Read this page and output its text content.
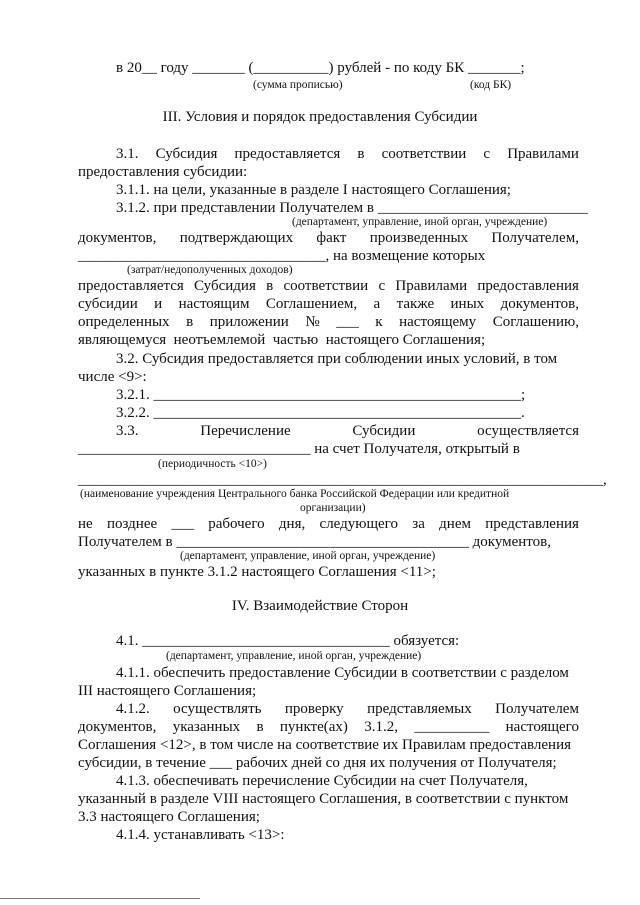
в 20__ году _______ (__________) рублей - по коду БК _______;
(сумма прописью)	(код БК)
III. Условия и порядок предоставления Субсидии
3.1. Субсидия предоставляется в соответствии с Правилами
предоставления субсидии:
3.1.1. на цели, указанные в разделе I настоящего Соглашения;
3.1.2. при представлении Получателем в ____________________________
(департамент, управление, иной орган, учреждение)
документов, подтверждающих факт произведенных Получателем,
_________________________________, на возмещение которых
(затрат/недополученных доходов)
предоставляется Субсидия в соответствии с Правилами предоставления
субсидии и настоящим Соглашением, а также иных документов,
определенных в приложении № ___ к настоящему Соглашению,
являющемуся  неотъемлемой  частью  настоящего Соглашения;
3.2. Субсидия предоставляется при соблюдении иных условий, в том
числе <9>:
3.2.1. _________________________________________________;
3.2.2. _________________________________________________.
3.3.	Перечисление	Субсидии	осуществляется
_______________________________ на счет Получателя, открытый в
(периодичность <10>)
______________________________________________________________________,
(наименование учреждения Центрального банка Российской Федерации или кредитной
организации)
не позднее ___ рабочего дня, следующего за днем представления
Получателем в _______________________________________ документов,
(департамент, управление, иной орган, учреждение)
указанных в пункте 3.1.2 настоящего Соглашения <11>;
IV. Взаимодействие Сторон
4.1. _________________________________ обязуется:
(департамент, управление, иной орган, учреждение)
4.1.1. обеспечить предоставление Субсидии в соответствии с разделом
III настоящего Соглашения;
4.1.2. осуществлять проверку представляемых Получателем
документов, указанных в пункте(ах) 3.1.2, __________ настоящего
Соглашения <12>, в том числе на соответствие их Правилам предоставления
субсидии, в течение ___ рабочих дней со дня их получения от Получателя;
4.1.3. обеспечивать перечисление Субсидии на счет Получателя,
указанный в разделе VIII настоящего Соглашения, в соответствии с пунктом
3.3 настоящего Соглашения;
4.1.4. устанавливать <13>:
